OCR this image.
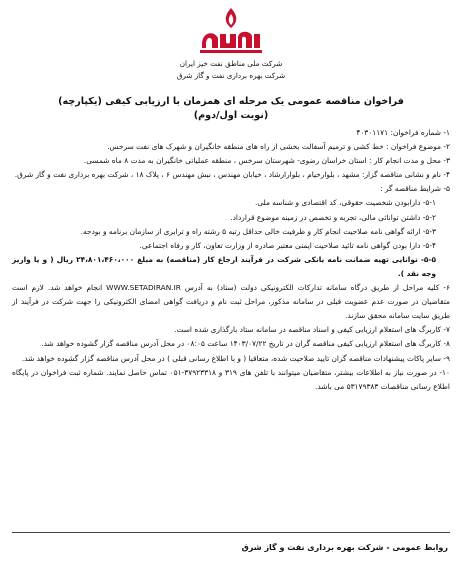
شرکت ملی مناطق نفت خیز ایران
شرکت بهره برداری نفت و گاز شرق
فراخوان مناقصه عمومی یک مرحله ای همزمان با ارزیابی کیفی (یکپارچه)
(نوبت اول/دوم)

۱- شماره فراخوان: ۴۰۳۰۱۱۷۱

۲- موضوع فراخوان : خط کشی و ترمیم آسفالت بخشی از راه های منطقه خانگیران و شهرک های نفت سرخس.

۳- محل و مدت انجام کار : استان خراسان رضوی- شهرستان سرخس ، منطقه عملیاتی خانگیران به مدت ۸ ماه شمسی.

۴- نام و نشانی مناقصه گزار: مشهد ، بلوارخیام ، بلوارارشاد ، خیابان مهندس ، نبش مهندس ۶ ، پلاک ۱۸ ، شرکت بهره برداری نفت و گاز شرق.

۵- شرایط مناقصه گر :

۵-۱- دارابودن شخصیت حقوقی، کد اقتصادی و شناسه ملی.

۵-۲- داشتن توانائی مالی، تجربه و تخصص در زمینه موضوع قرارداد.

۵-۳- ارائه گواهی نامه صلاحیت انجام کار و ظرفیت خالی حداقل رتبه ۵ رشته راه و ترابری از سازمان برنامه و بودجه.

۵-۴- دارا بودن گواهی نامه تائید صلاحیت ایمنی معتبر صادره از وزارت تعاون، کار و رفاه اجتماعی.

۵-۵- توانایی تهیه ضمانت نامه بانکی شرکت در فرآیند ارجاع کار (مناقصه) به مبلغ ۲۴،۸۰۱،۴۶۰،۰۰۰ ریال ( و یا واریز وجه نقد ).

۶- کلیه مراحل از طریق درگاه سامانه تدارکات الکترونیکی دولت (ستاد) به آدرس WWW.SETADIRAN.IR انجام خواهد شد. لازم است متقاضیان در صورت عدم عضویت قبلی در سامانه مذکور، مراحل ثبت نام و دریافت گواهی امضای الکترونیکی را جهت شرکت در فرآیند از طریق سایت سامانه محقق سازند.

۷- کاربرگ های استعلام ارزیابی کیفی و اسناد مناقصه در سامانه ستاد بارگذاری شده است.

۸- کاربرگ های استعلام ارزیابی کیفی مناقصه گران در تاریخ ۱۴۰۳/۰۷/۲۲ ساعت ۰۸:۰۵ در محل آدرس مناقصه گزار گشوده خواهد شد.

۹- سایر پاکات پیشنهادات مناقصه گران تایید صلاحیت شده، متعاقبا ( و با اطلاع رسانی قبلی ) در محل آدرس مناقصه گزار گشوده خواهد شد.

۱۰- در صورت نیاز به اطلاعات بیشتر، متقاضیان میتوانند با تلفن های ۳۱۹ و ۳۷۹۲۳۳۱۸-۰۵۱ تماس حاصل نمایند. شماره ثبت فراخوان در پایگاه اطلاع رسانی مناقصات ۵۳۱۷۹۳۸۳ می باشد.

روابط عمومی - شرکت بهره برداری نفت و گاز شرق
